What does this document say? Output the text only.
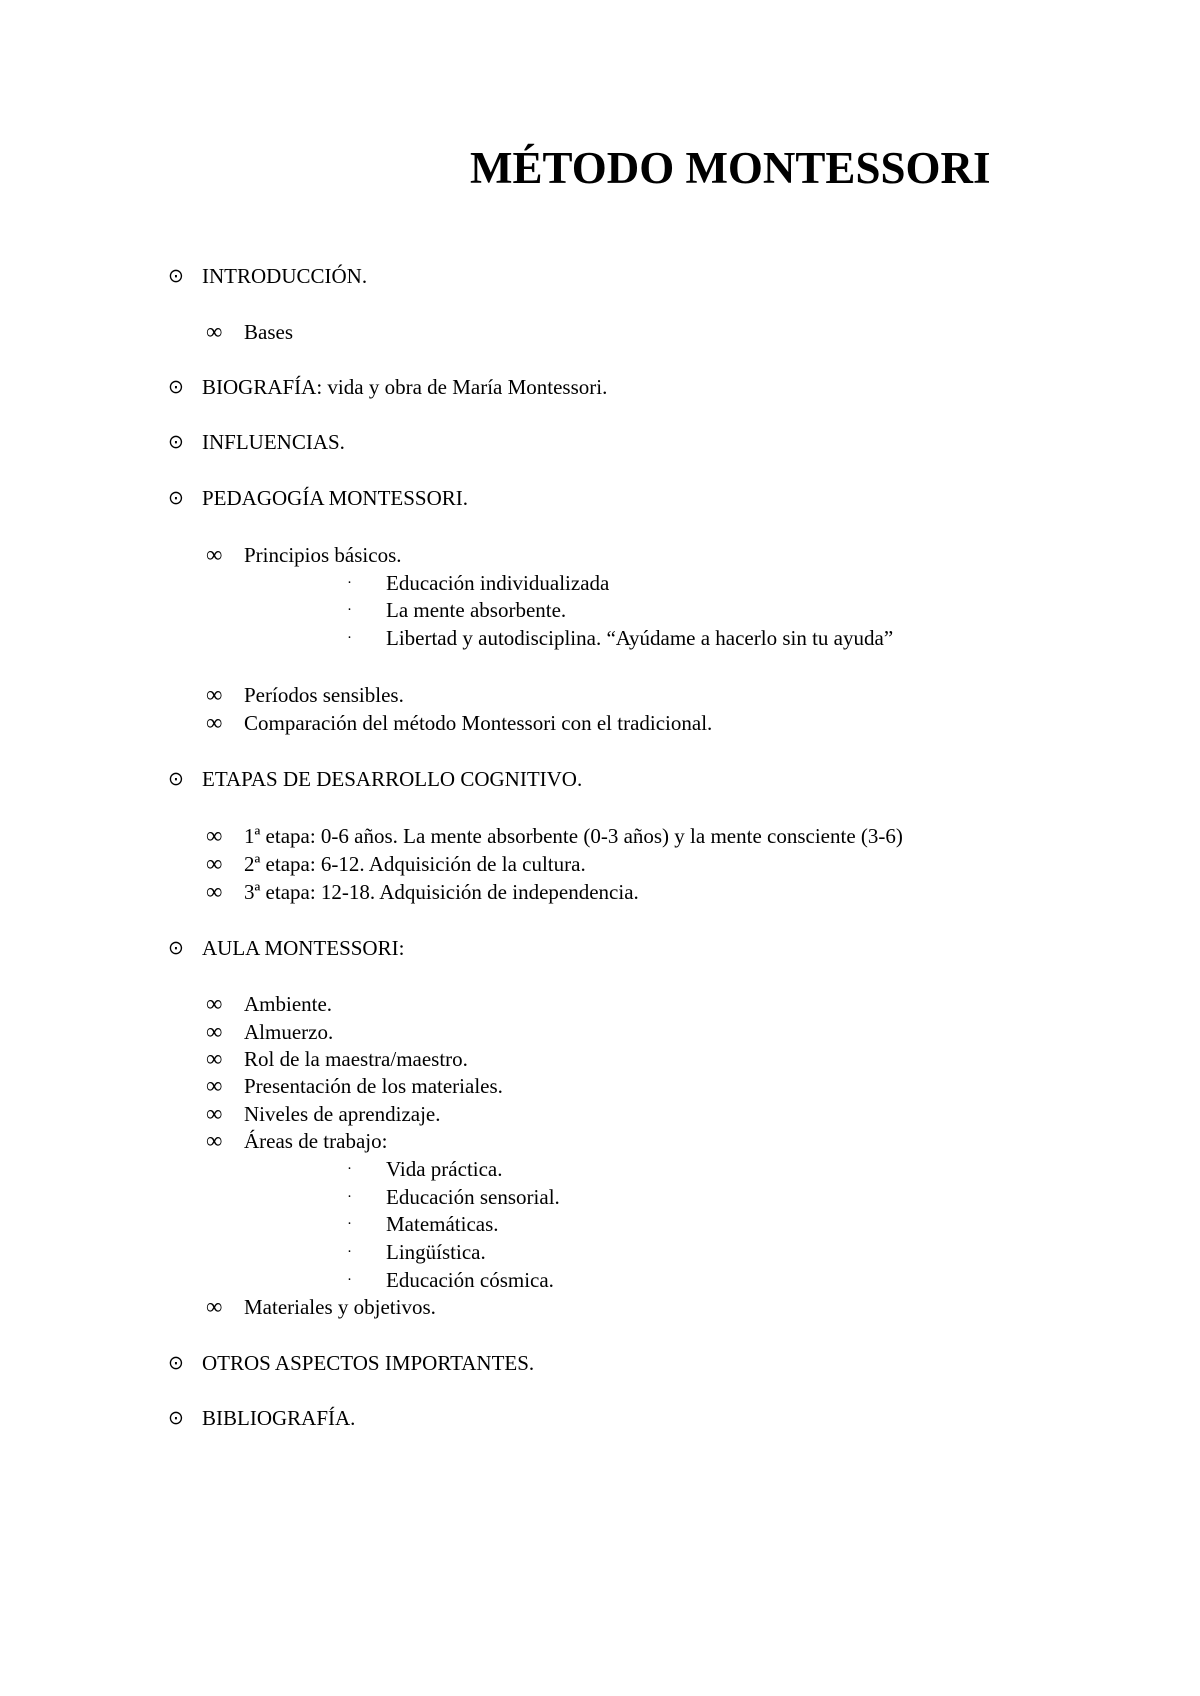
MÉTODO MONTESSORI
⊙ INTRODUCCIÓN.
∞ Bases
⊙ BIOGRAFÍA: vida y obra de María Montessori.
⊙ INFLUENCIAS.
⊙ PEDAGOGÍA MONTESSORI.
∞ Principios básicos.
· Educación individualizada
· La mente absorbente.
· Libertad y autodisciplina. “Ayúdame a hacerlo sin tu ayuda”
∞ Períodos sensibles.
∞ Comparación del método Montessori con el tradicional.
⊙ ETAPAS DE DESARROLLO COGNITIVO.
∞ 1ª etapa: 0-6 años. La mente absorbente (0-3 años) y la mente consciente (3-6)
∞ 2ª etapa: 6-12. Adquisición de la cultura.
∞ 3ª etapa: 12-18. Adquisición de independencia.
⊙ AULA MONTESSORI:
∞ Ambiente.
∞ Almuerzo.
∞ Rol de la maestra/maestro.
∞ Presentación de los materiales.
∞ Niveles de aprendizaje.
∞ Áreas de trabajo:
· Vida práctica.
· Educación sensorial.
· Matemáticas.
· Lingüística.
· Educación cósmica.
∞ Materiales y objetivos.
⊙ OTROS ASPECTOS IMPORTANTES.
⊙ BIBLIOGRAFÍA.
